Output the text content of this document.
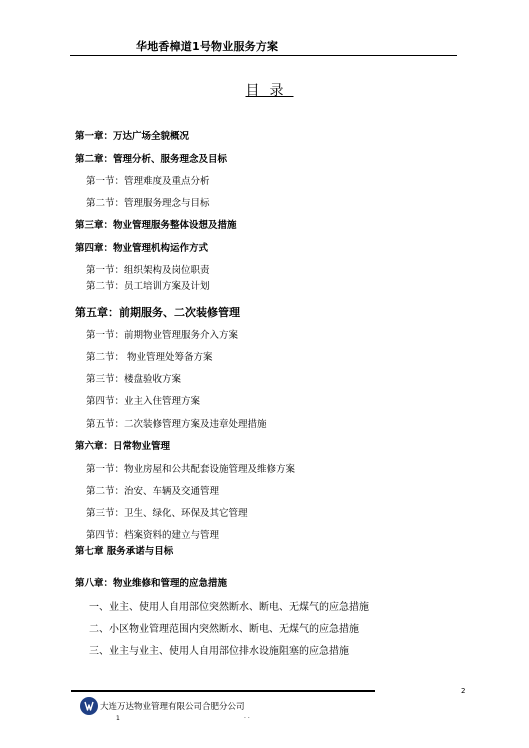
华地香樟道1号物业服务方案
目录
第一章：万达广场全貌概况
第二章：管理分析、服务理念及目标
第一节：管理难度及重点分析
第二节：管理服务理念与目标
第三章：物业管理服务整体设想及措施
第四章：物业管理机构运作方式
第一节：组织架构及岗位职责
第二节：员工培训方案及计划
第五章：前期服务、二次装修管理
第一节：前期物业管理服务介入方案
第二节： 物业管理处筹备方案
第三节：楼盘验收方案
第四节：业主入住管理方案
第五节：二次装修管理方案及违章处理措施
第六章：日常物业管理
第一节：物业房屋和公共配套设施管理及维修方案
第二节：治安、车辆及交通管理
第三节：卫生、绿化、环保及其它管理
第四节：档案资料的建立与管理
第七章 服务承诺与目标
第八章：物业维修和管理的应急措施
一、业主、使用人自用部位突然断水、断电、无煤气的应急措施
二、小区物业管理范围内突然断水、断电、无煤气的应急措施
三、业主与业主、使用人自用部位排水设施阻塞的应急措施
2
大连万达物业管理有限公司合肥分公司
1	· ·
